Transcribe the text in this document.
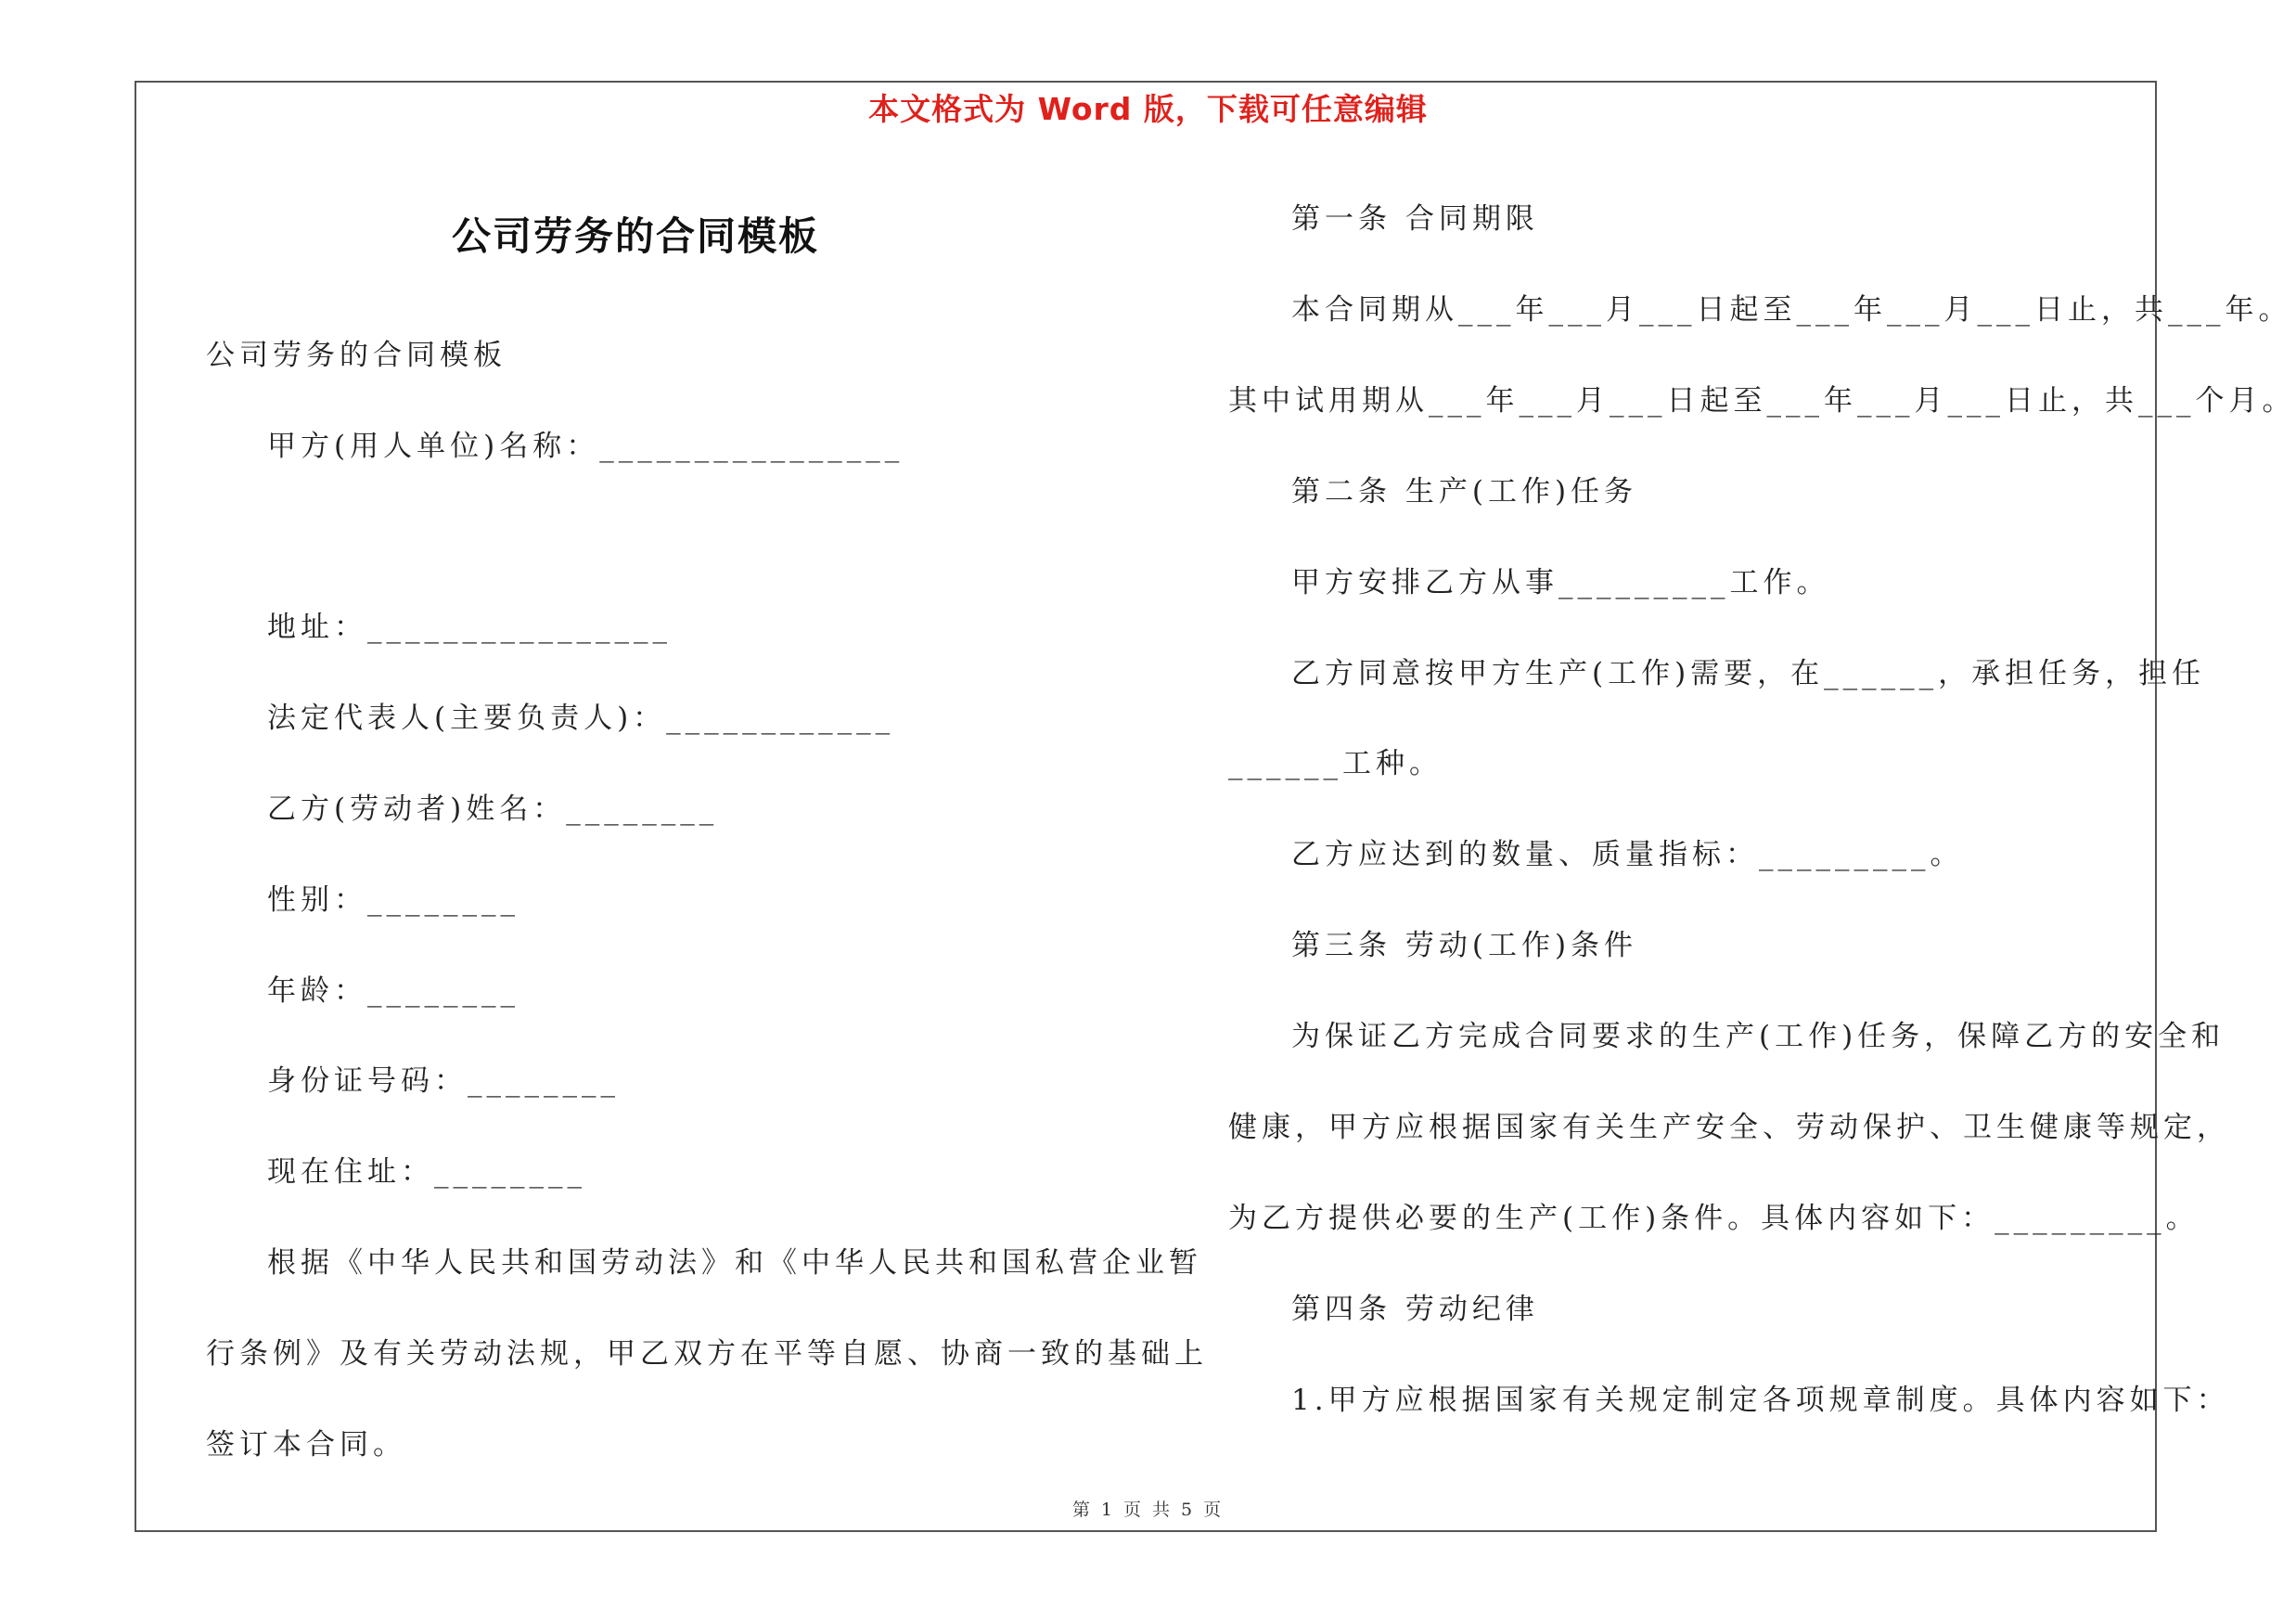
本文格式为 Word 版，下载可任意编辑
公司劳务的合同模板
公司劳务的合同模板
甲方(用人单位)名称：________________
地址：________________
法定代表人(主要负责人)：____________
乙方(劳动者)姓名：________
性别：________
年龄：________
身份证号码：________
现在住址：________
根据《中华人民共和国劳动法》和《中华人民共和国私营企业暂
行条例》及有关劳动法规，甲乙双方在平等自愿、协商一致的基础上
签订本合同。
第一条 合同期限
本合同期从___年___月___日起至___年___月___日止，共___年。
其中试用期从___年___月___日起至___年___月___日止，共___个月。
第二条 生产(工作)任务
甲方安排乙方从事_________工作。
乙方同意按甲方生产(工作)需要，在______，承担任务，担任
______工种。
乙方应达到的数量、质量指标：_________。
第三条 劳动(工作)条件
为保证乙方完成合同要求的生产(工作)任务，保障乙方的安全和
健康，甲方应根据国家有关生产安全、劳动保护、卫生健康等规定，
为乙方提供必要的生产(工作)条件。具体内容如下：_________。
第四条 劳动纪律
1.甲方应根据国家有关规定制定各项规章制度。具体内容如下：
第 1 页 共 5 页
